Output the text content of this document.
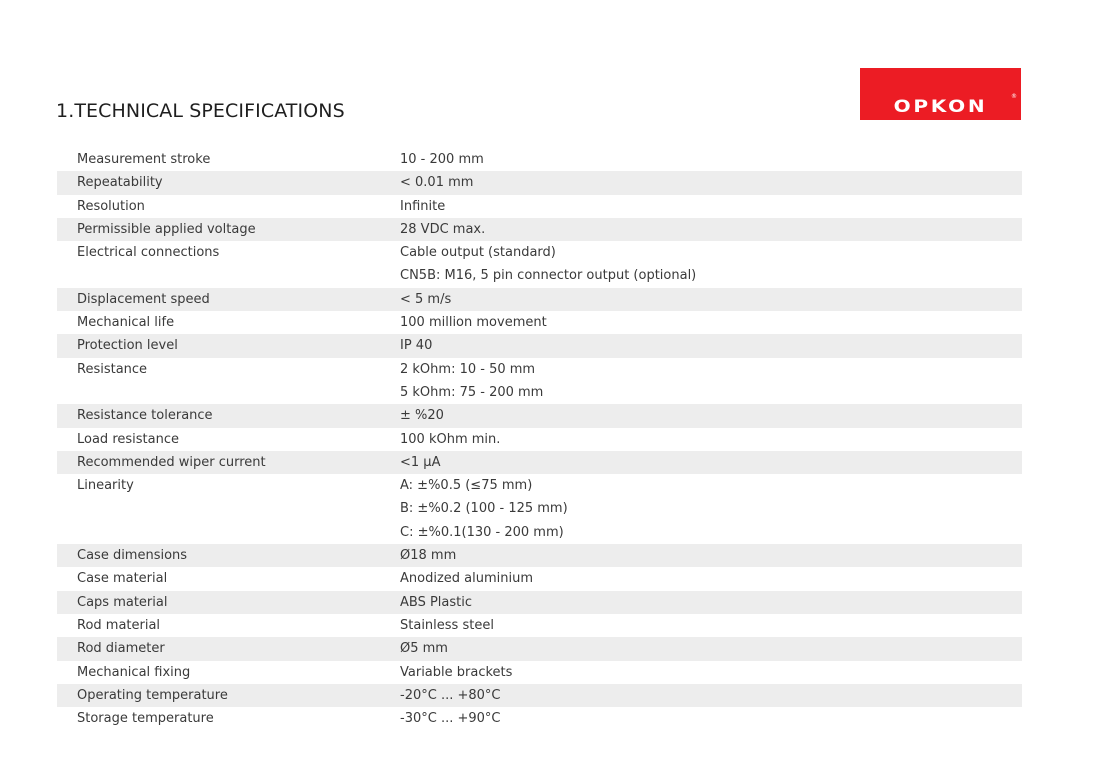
1.TECHNICAL SPECIFICATIONS	OPKON
®
Measurement stroke	10 - 200 mm
Repeatability	< 0.01 mm
Resolution	Infinite
Permissible applied voltage	28 VDC max.
Electrical connections	Cable output (standard)
CN5B: M16, 5 pin connector output (optional)
Displacement speed	< 5 m/s
Mechanical life	100 million movement
Protection level	IP 40
Resistance	2 kOhm: 10 - 50 mm
5 kOhm: 75 - 200 mm
Resistance tolerance	± %20
Load resistance	100 kOhm min.
Recommended wiper current	<1 µA
Linearity	A: ±%0.5 (≤75 mm)
B: ±%0.2 (100 - 125 mm)
C: ±%0.1(130 - 200 mm)
Case dimensions	Ø18 mm
Case material	Anodized aluminium
Caps material	ABS Plastic
Rod material	Stainless steel
Rod diameter	Ø5 mm
Mechanical fixing	Variable brackets
Operating temperature	-20°C ... +80°C
Storage temperature	-30°C ... +90°C
